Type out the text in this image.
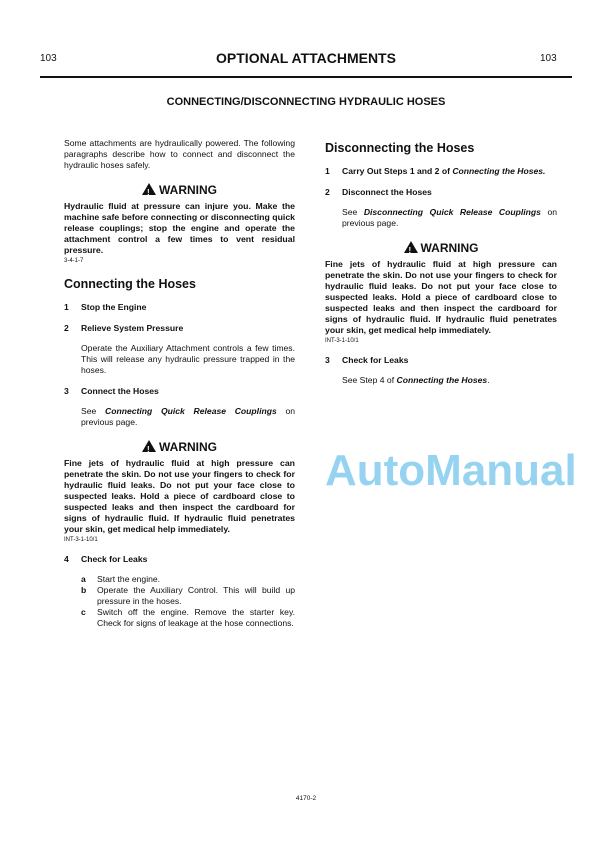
103	103
OPTIONAL ATTACHMENTS
CONNECTING/DISCONNECTING HYDRAULIC HOSES
Some attachments are hydraulically powered. The following paragraphs describe how to connect and disconnect the hydraulic hoses safely.
!WARNING
Hydraulic fluid at pressure can injure you. Make the machine safe before connecting or disconnecting quick release couplings; stop the engine and operate the attachment control a few times to vent residual pressure.
3-4-1-7
Connecting the Hoses
1 Stop the Engine
2 Relieve System Pressure
Operate the Auxiliary Attachment controls a few times. This will release any hydraulic pressure trapped in the hoses.
3 Connect the Hoses
See Connecting Quick Release Couplings on previous page.
!WARNING
Fine jets of hydraulic fluid at high pressure can penetrate the skin. Do not use your fingers to check for hydraulic fluid leaks. Do not put your face close to suspected leaks. Hold a piece of cardboard close to suspected leaks and then inspect the cardboard for signs of hydraulic fluid. If hydraulic fluid penetrates your skin, get medical help immediately.
INT-3-1-10/1
4 Check for Leaks
a	Start the engine.
b	Operate the Auxiliary Control. This will build up pressure in the hoses.
c	Switch off the engine. Remove the starter key. Check for signs of leakage at the hose connections.
Disconnecting the Hoses
1 Carry Out Steps 1 and 2 of Connecting the Hoses.
2 Disconnect the Hoses
See Disconnecting Quick Release Couplings on previous page.
!WARNING
Fine jets of hydraulic fluid at high pressure can penetrate the skin. Do not use your fingers to check for hydraulic fluid leaks. Do not put your face close to suspected leaks. Hold a piece of cardboard close to suspected leaks and then inspect the cardboard for signs of hydraulic fluid. If hydraulic fluid penetrates your skin, get medical help immediately.
INT-3-1-10/1
3 Check for Leaks
See Step 4 of Connecting the Hoses.
AutoManual
4170-2
